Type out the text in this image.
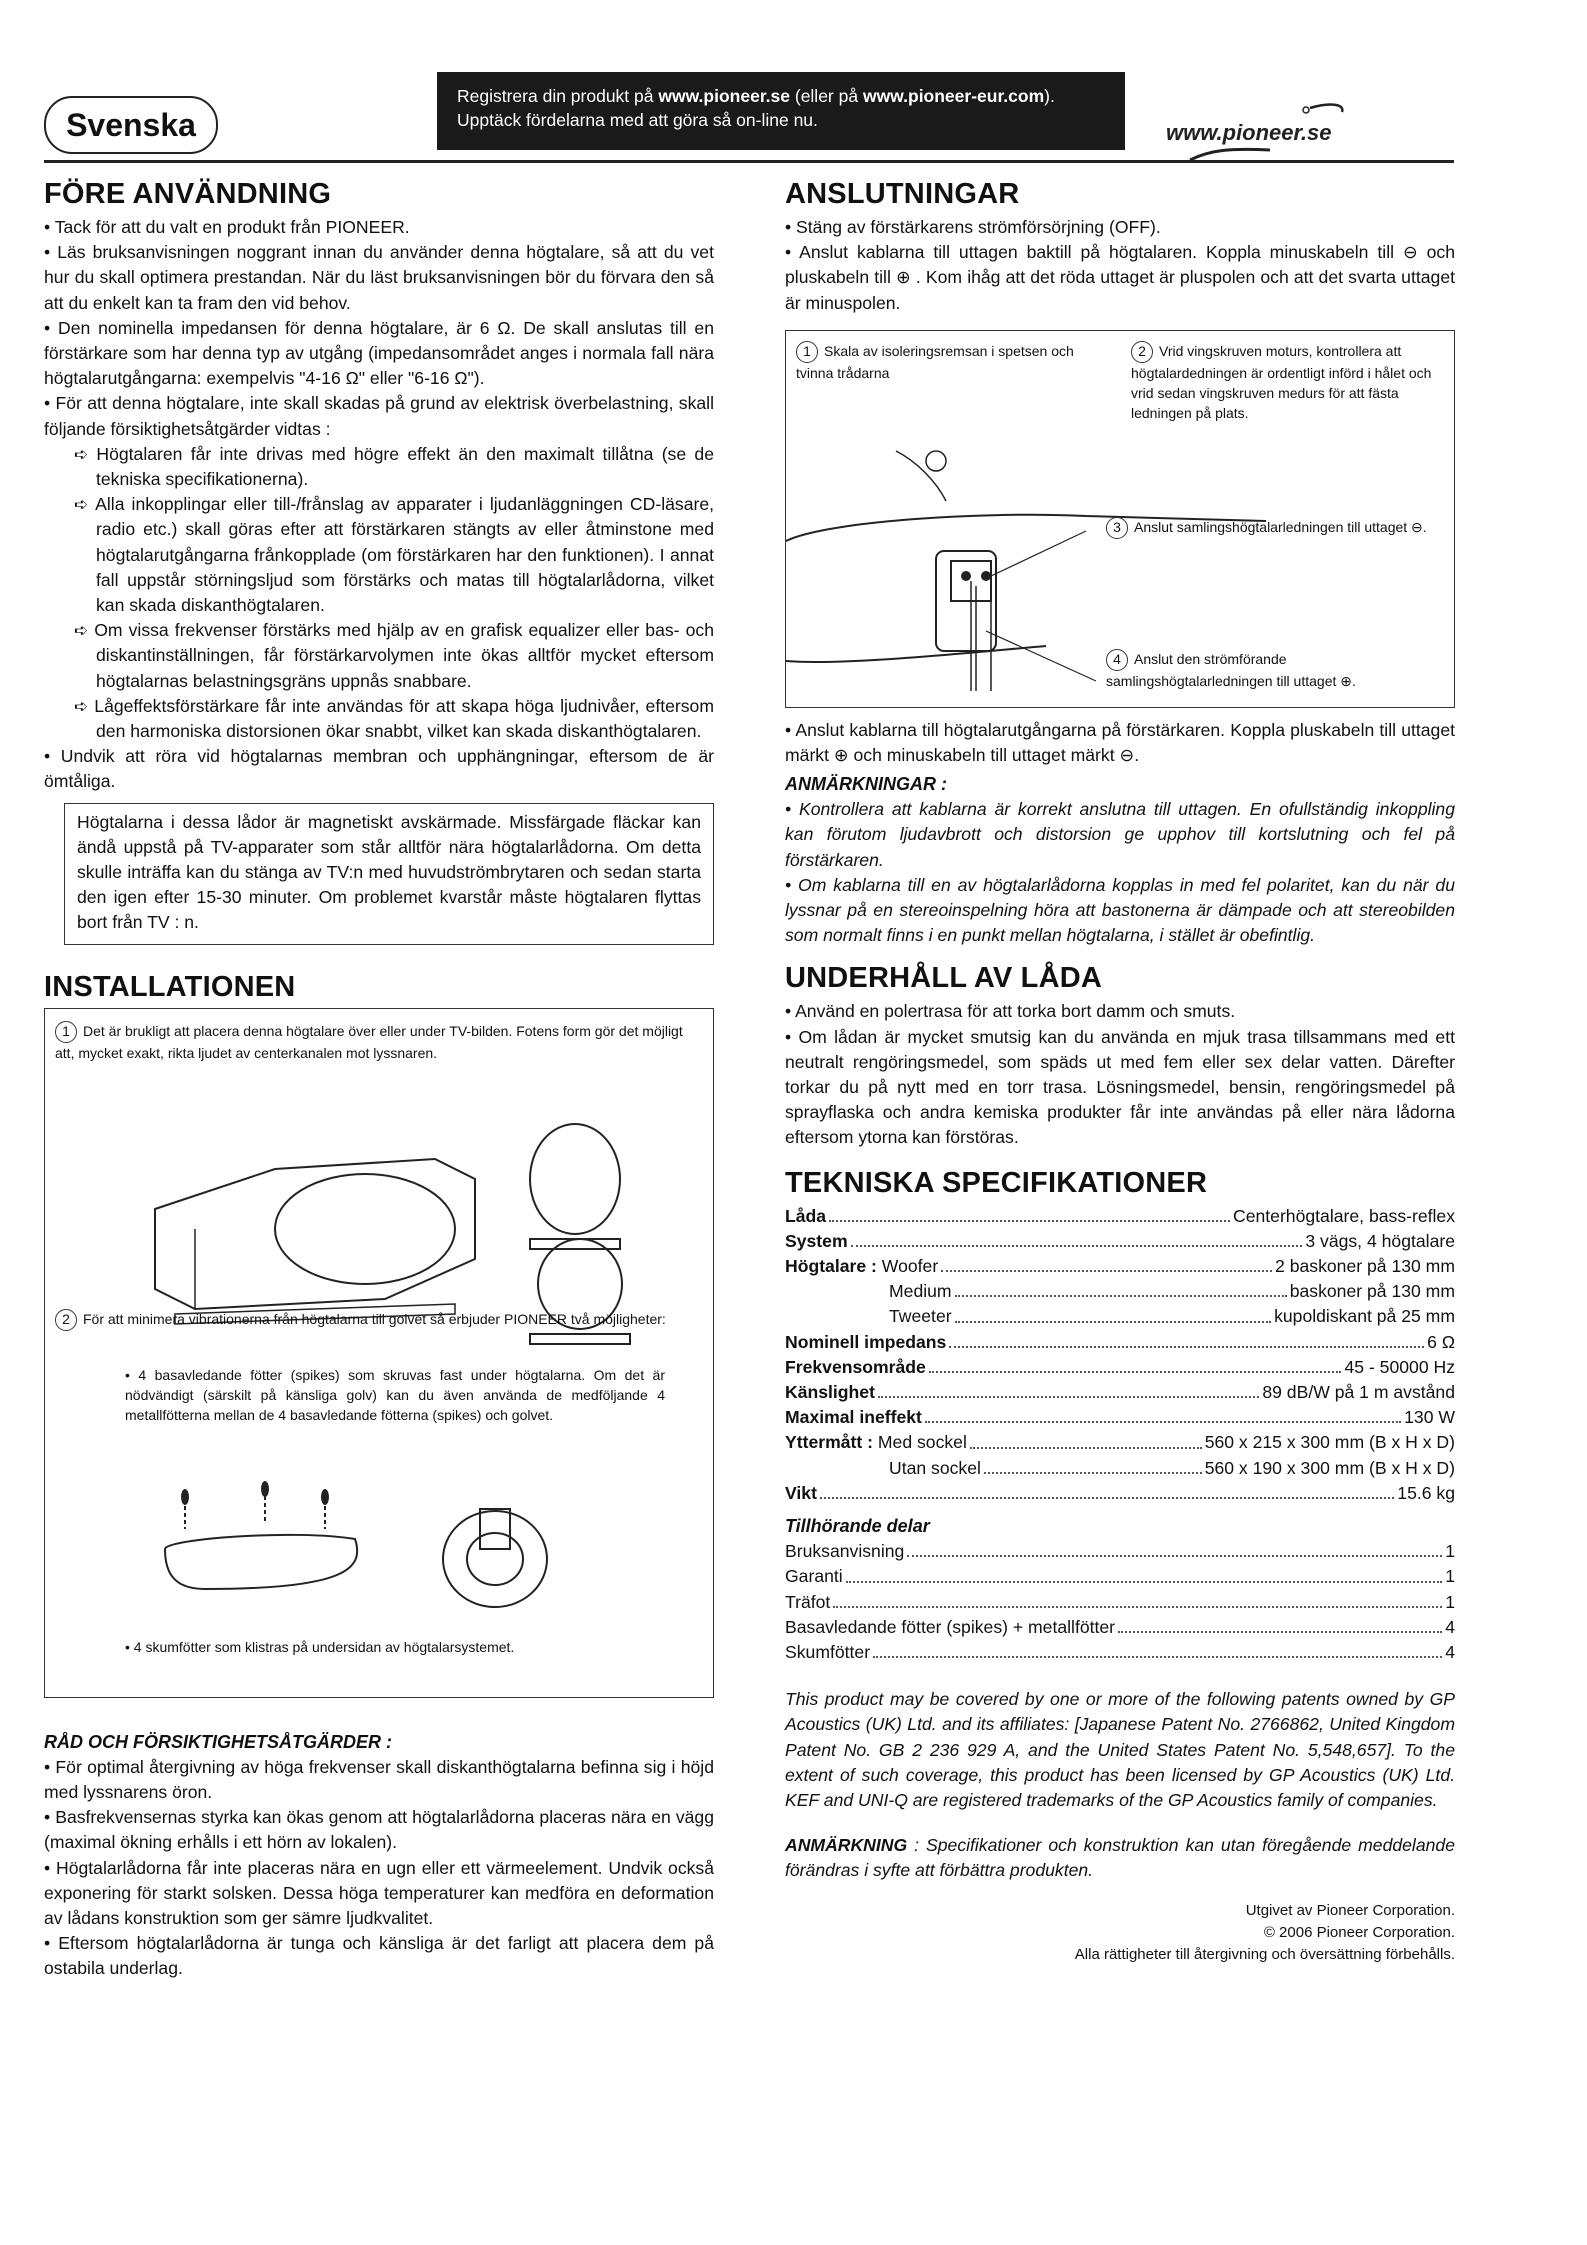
Svenska
Registrera din produkt på www.pioneer.se (eller på www.pioneer-eur.com).
Upptäck fördelarna med att göra så on-line nu.	www.pioneer.se
FÖRE ANVÄNDNING

• Tack för att du valt en produkt från PIONEER.

• Läs bruksanvisningen noggrant innan du använder denna högtalare, så att du vet hur du skall optimera prestandan. När du läst bruksanvisningen bör du förvara den så att du enkelt kan ta fram den vid behov.

• Den nominella impedansen för denna högtalare, är 6 Ω. De skall anslutas till en förstärkare som har denna typ av utgång (impedansområdet anges i normala fall nära högtalarutgångarna: exempelvis "4-16 Ω" eller "6-16 Ω").

• För att denna högtalare, inte skall skadas på grund av elektrisk överbelastning, skall följande försiktighetsåtgärder vidtas :

➪ Högtalaren får inte drivas med högre effekt än den maximalt tillåtna (se de tekniska specifikationerna).

➪ Alla inkopplingar eller till-/frånslag av apparater i ljudanläggningen CD-läsare, radio etc.) skall göras efter att förstärkaren stängts av eller åtminstone med högtalarutgångarna frånkopplade (om förstärkaren har den funktionen). I annat fall uppstår störningsljud som förstärks och matas till högtalarlådorna, vilket kan skada diskanthögtalaren.

➪ Om vissa frekvenser förstärks med hjälp av en grafisk equalizer eller bas- och diskantinställningen, får förstärkarvolymen inte ökas alltför mycket eftersom högtalarnas belastningsgräns uppnås snabbare.

➪ Lågeffektsförstärkare får inte användas för att skapa höga ljudnivåer, eftersom den harmoniska distorsionen ökar snabbt, vilket kan skada diskanthögtalaren.

• Undvik att röra vid högtalarnas membran och upphängningar, eftersom de är ömtåliga.

Högtalarna i dessa lådor är magnetiskt avskärmade. Missfärgade fläckar kan ändå uppstå på TV-apparater som står alltför nära högtalarlådorna. Om detta skulle inträffa kan du stänga av TV:n med huvudströmbrytaren och sedan starta den igen efter 15-30 minuter. Om problemet kvarstår måste högtalaren flyttas bort från TV : n.

INSTALLATIONEN
1 Det är brukligt att placera denna högtalare över eller under TV-bilden. Fotens form gör det möjligt att, mycket exakt, rikta ljudet av centerkanalen mot lyssnaren.
2 För att minimera vibrationerna från högtalarna till golvet så erbjuder PIONEER två möjligheter:
• 4 basavledande fötter (spikes) som skruvas fast under högtalarna. Om det är nödvändigt (särskilt på känsliga golv) kan du även använda de medföljande 4 metallfötterna mellan de 4 basavledande fötterna (spikes) och golvet.
• 4 skumfötter som klistras på undersidan av högtalarsystemet.
RÅD OCH FÖRSIKTIGHETSÅTGÄRDER :

• För optimal återgivning av höga frekvenser skall diskanthögtalarna befinna sig i höjd med lyssnarens öron.

• Basfrekvensernas styrka kan ökas genom att högtalarlådorna placeras nära en vägg (maximal ökning erhålls i ett hörn av lokalen).

• Högtalarlådorna får inte placeras nära en ugn eller ett värmeelement. Undvik också exponering för starkt solsken. Dessa höga temperaturer kan medföra en deformation av lådans konstruktion som ger sämre ljudkvalitet.

• Eftersom högtalarlådorna är tunga och känsliga är det farligt att placera dem på ostabila underlag.

ANSLUTNINGAR

• Stäng av förstärkarens strömförsörjning (OFF).

• Anslut kablarna till uttagen baktill på högtalaren. Koppla minuskabeln till ⊖ och pluskabeln till ⊕ . Kom ihåg att det röda uttaget är pluspolen och att det svarta uttaget är minuspolen.

1 Skala av isoleringsremsan i spetsen och tvinna trådarna
2 Vrid vingskruven moturs, kontrollera att högtalardedningen är ordentligt införd i hålet och vrid sedan vingskruven medurs för att fästa ledningen på plats.
3 Anslut samlingshögtalarledningen till uttaget ⊖.
4 Anslut den strömförande samlingshögtalarledningen till uttaget ⊕.

• Anslut kablarna till högtalarutgångarna på förstärkaren. Koppla pluskabeln till uttaget märkt ⊕ och minuskabeln till uttaget märkt ⊖.

ANMÄRKNINGAR :

• Kontrollera att kablarna är korrekt anslutna till uttagen. En ofullständig inkoppling kan förutom ljudavbrott och distorsion ge upphov till kortslutning och fel på förstärkaren.

• Om kablarna till en av högtalarlådorna kopplas in med fel polaritet, kan du när du lyssnar på en stereoinspelning höra att bastonerna är dämpade och att stereobilden som normalt finns i en punkt mellan högtalarna, i stället är obefintlig.

UNDERHÅLL AV LÅDA

• Använd en polertrasa för att torka bort damm och smuts.

• Om lådan är mycket smutsig kan du använda en mjuk trasa tillsammans med ett neutralt rengöringsmedel, som späds ut med fem eller sex delar vatten. Därefter torkar du på nytt med en torr trasa. Lösningsmedel, bensin, rengöringsmedel på sprayflaska och andra kemiska produkter får inte användas på eller nära lådorna eftersom ytorna kan förstöras.

TEKNISKA SPECIFIKATIONER
Låda	Centerhögtalare, bass-reflex
System	3 vägs, 4 högtalare
Högtalare : Woofer	2 baskoner på 130 mm
Medium	baskoner på 130 mm
Tweeter	kupoldiskant på 25 mm
Nominell impedans	6 Ω
Frekvensområde	45 - 50000 Hz
Känslighet	89 dB/W på 1 m avstånd
Maximal ineffekt	130 W
Yttermått : Med sockel	560 x 215 x 300 mm (B x H x D)
Utan sockel	560 x 190 x 300 mm (B x H x D)
Vikt	15.6 kg
Tillhörande delar
Bruksanvisning	1
Garanti	1
Träfot	1
Basavledande fötter (spikes) + metallfötter	4
Skumfötter	4

This product may be covered by one or more of the following patents owned by GP Acoustics (UK) Ltd. and its affiliates: [Japanese Patent No. 2766862, United Kingdom Patent No. GB 2 236 929 A, and the United States Patent No. 5,548,657]. To the extent of such coverage, this product has been licensed by GP Acoustics (UK) Ltd. KEF and UNI-Q are registered trademarks of the GP Acoustics family of companies.

ANMÄRKNING : Specifikationer och konstruktion kan utan föregående meddelande förändras i syfte att förbättra produkten.

Utgivet av Pioneer Corporation.
© 2006 Pioneer Corporation.
Alla rättigheter till återgivning och översättning förbehålls.
